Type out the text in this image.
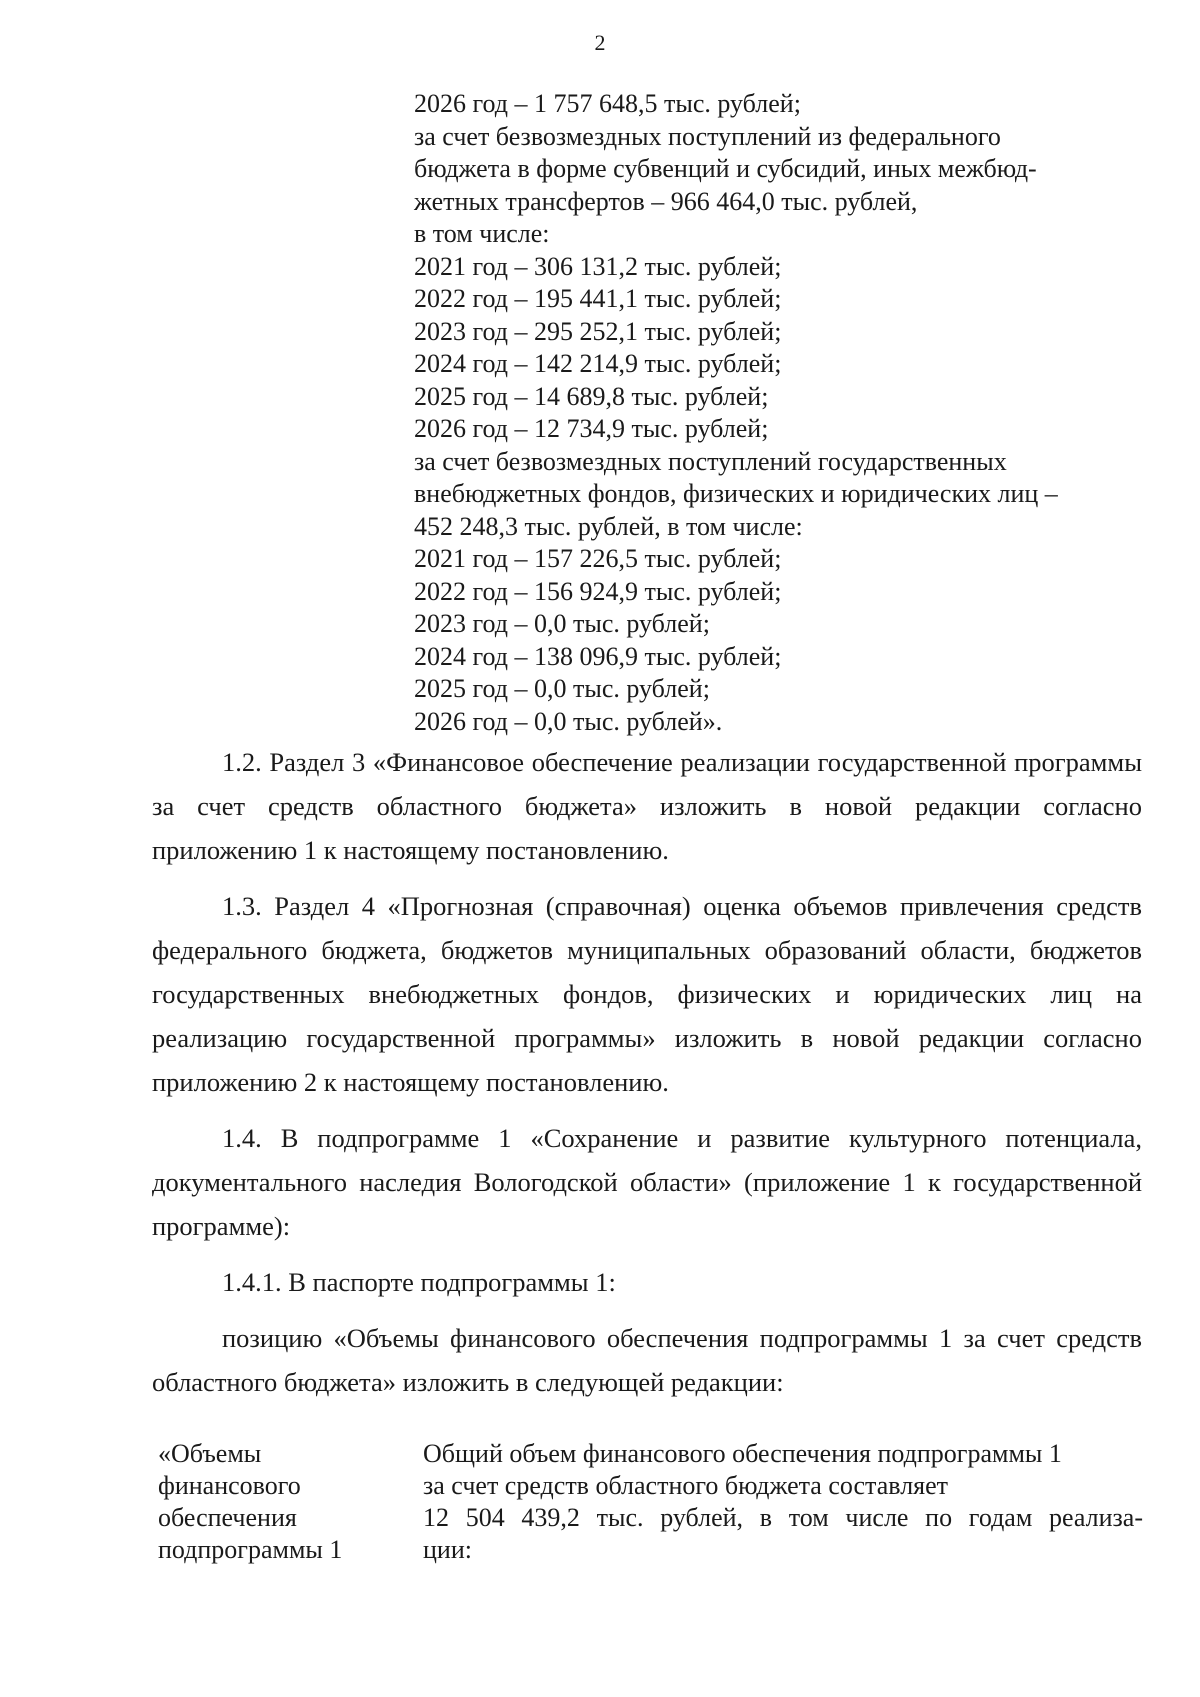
2
2026 год – 1 757 648,5 тыс. рублей;
за счет безвозмездных поступлений из федерального
бюджета в форме субвенций и субсидий, иных межбюд-
жетных трансфертов – 966 464,0 тыс. рублей,
в том числе:
2021 год – 306 131,2 тыс. рублей;
2022 год – 195 441,1 тыс. рублей;
2023 год – 295 252,1 тыс. рублей;
2024 год – 142 214,9 тыс. рублей;
2025 год – 14 689,8 тыс. рублей;
2026 год – 12 734,9 тыс. рублей;
за счет безвозмездных поступлений государственных
внебюджетных фондов, физических и юридических лиц –
452 248,3 тыс. рублей, в том числе:
2021 год – 157 226,5 тыс. рублей;
2022 год – 156 924,9 тыс. рублей;
2023 год – 0,0 тыс. рублей;
2024 год – 138 096,9 тыс. рублей;
2025 год – 0,0 тыс. рублей;
2026 год – 0,0 тыс. рублей».

1.2. Раздел 3 «Финансовое обеспечение реализации государственной программы за счет средств областного бюджета» изложить в новой редакции согласно приложению 1 к настоящему постановлению.

1.3. Раздел 4 «Прогнозная (справочная) оценка объемов привлечения средств федерального бюджета, бюджетов муниципальных образований области, бюджетов государственных внебюджетных фондов, физических и юридических лиц на реализацию государственной программы» изложить в новой редакции согласно приложению 2 к настоящему постановлению.

1.4. В подпрограмме 1 «Сохранение и развитие культурного потенциала, документального наследия Вологодской области» (приложение 1 к государственной программе):

1.4.1. В паспорте подпрограммы 1:

позицию «Объемы финансового обеспечения подпрограммы 1 за счет средств областного бюджета» изложить в следующей редакции:

«Объемы
финансового
обеспечения
подпрограммы 1
Общий объем финансового обеспечения подпрограммы 1
за счет средств областного бюджета составляет
12 504 439,2 тыс. рублей, в том числе по годам реализа-
ции:
